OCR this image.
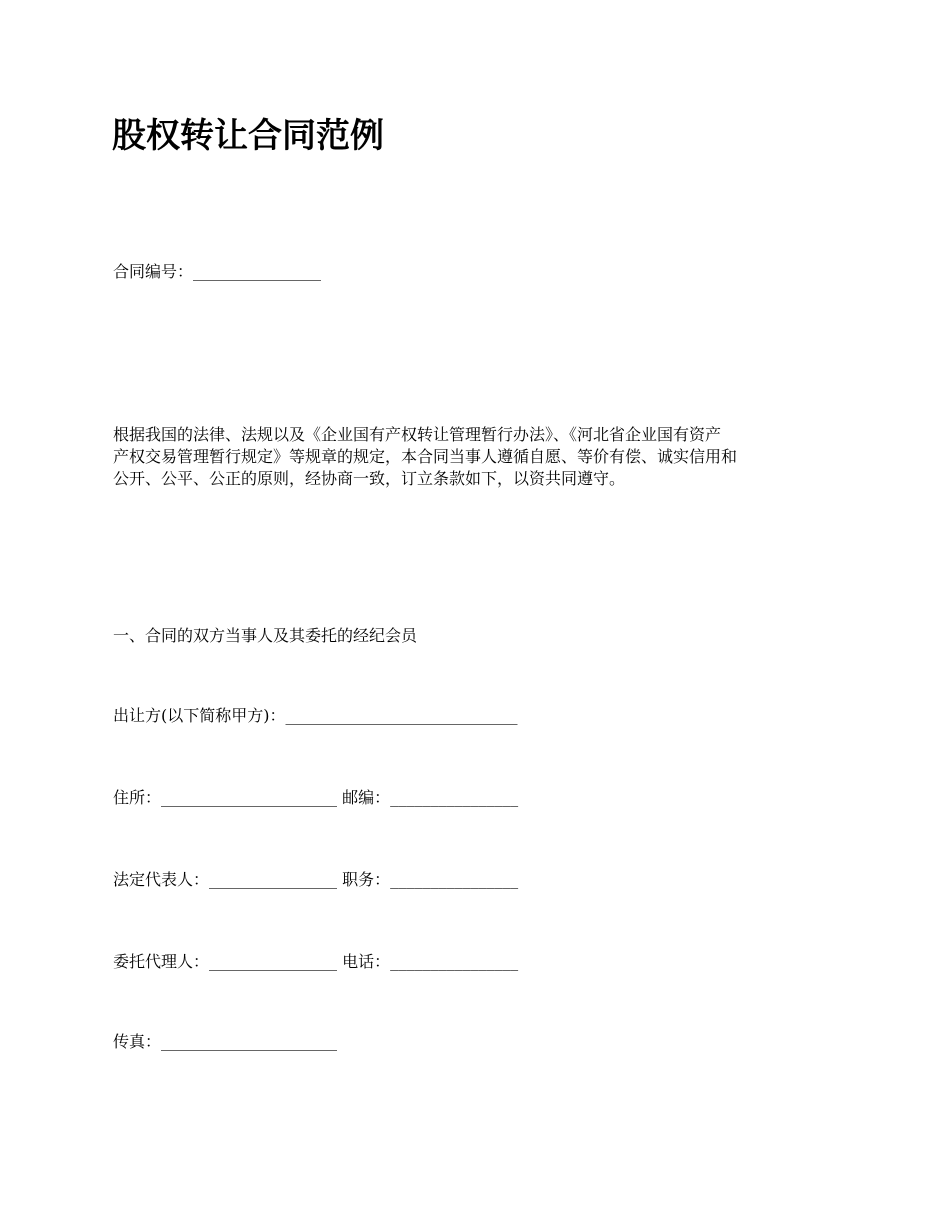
股权转让合同范例
合同编号：________________

根据我国的法律、法规以及《企业国有产权转让管理暂行办法》、《河北省企业国有资产
产权交易管理暂行规定》等规章的规定，本合同当事人遵循自愿、等价有偿、诚实信用和
公开、公平、公正的原则，经协商一致，订立条款如下，以资共同遵守。

一、合同的双方当事人及其委托的经纪会员
出让方(以下简称甲方)：_____________________________
住所：______________________ 邮编：________________
法定代表人：________________ 职务：________________
委托代理人：________________ 电话：________________
传真：______________________
